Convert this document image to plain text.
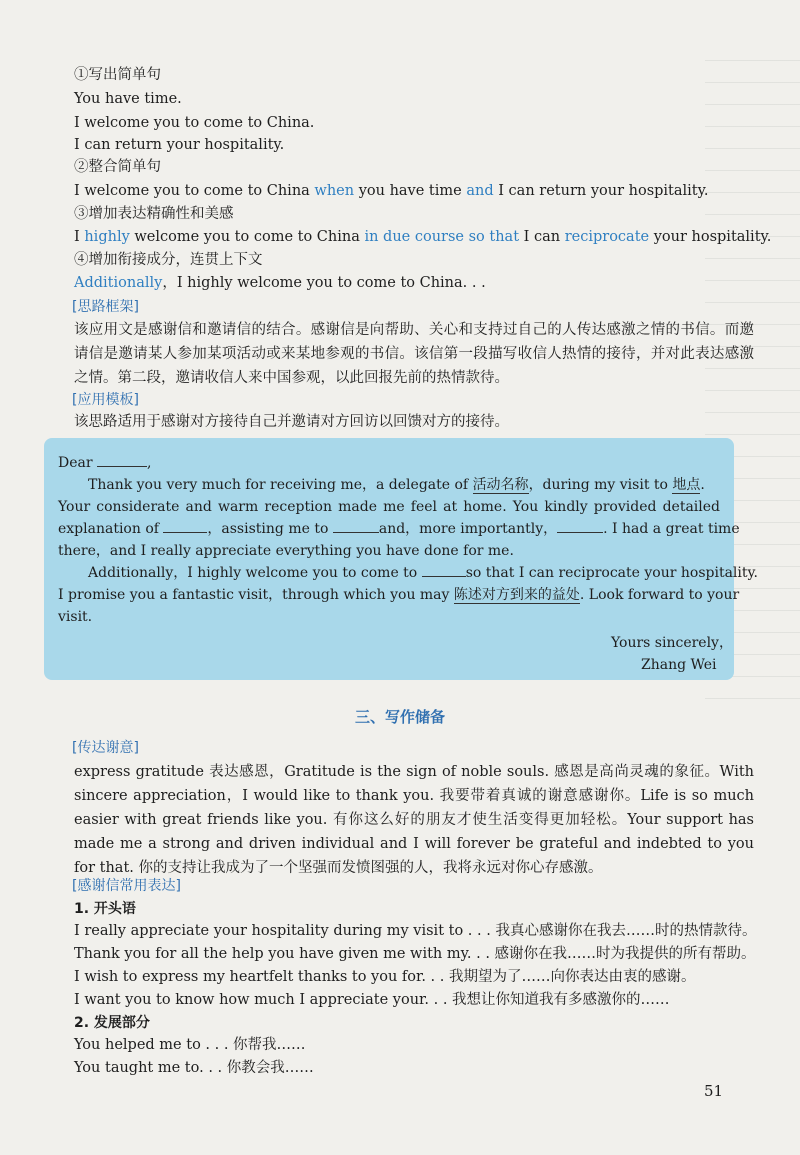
①写出简单句
You have time.
I welcome you to come to China.
I can return your hospitality.
②整合简单句
I welcome you to come to China when you have time and I can return your hospitality.
③增加表达精确性和美感
I highly welcome you to come to China in due course so that I can reciprocate your hospitality.
④增加衔接成分，连贯上下文
Additionally，I highly welcome you to come to China. . .
[思路框架]
该应用文是感谢信和邀请信的结合。感谢信是向帮助、关心和支持过自己的人传达感激之情的书信。而邀请信是邀请某人参加某项活动或来某地参观的书信。该信第一段描写收信人热情的接待，并对此表达感激之情。第二段，邀请收信人来中国参观，以此回报先前的热情款待。
[应用模板]
该思路适用于感谢对方接待自己并邀请对方回访以回馈对方的接待。
Dear	,
Thank you very much for receiving me，a delegate of 活动名称，during my visit to 地点.
Your considerate and warm reception made me feel at home. You kindly provided detailed
explanation of	，assisting me to	and，more importantly，	. I had a great time
there，and I really appreciate everything you have done for me.
Additionally，I highly welcome you to come to	so that I can reciprocate your hospitality.
I promise you a fantastic visit，through which you may 陈述对方到来的益处. Look forward to your
visit.
Yours sincerely，
Zhang Wei
三、写作储备
[传达谢意]
express gratitude 表达感恩，Gratitude is the sign of noble souls. 感恩是高尚灵魂的象征。With sincere appreciation，I would like to thank you. 我要带着真诚的谢意感谢你。Life is so much easier with great friends like you. 有你这么好的朋友才使生活变得更加轻松。Your support has made me a strong and driven individual and I will forever be grateful and indebted to you for that. 你的支持让我成为了一个坚强而发愤图强的人，我将永远对你心存感激。
[感谢信常用表达]
1. 开头语
I really appreciate your hospitality during my visit to . . . 我真心感谢你在我去……时的热情款待。
Thank you for all the help you have given me with my. . . 感谢你在我……时为我提供的所有帮助。
I wish to express my heartfelt thanks to you for. . . 我期望为了……向你表达由衷的感谢。
I want you to know how much I appreciate your. . . 我想让你知道我有多感激你的……
2. 发展部分
You helped me to . . . 你帮我……
You taught me to. . . 你教会我……
51
